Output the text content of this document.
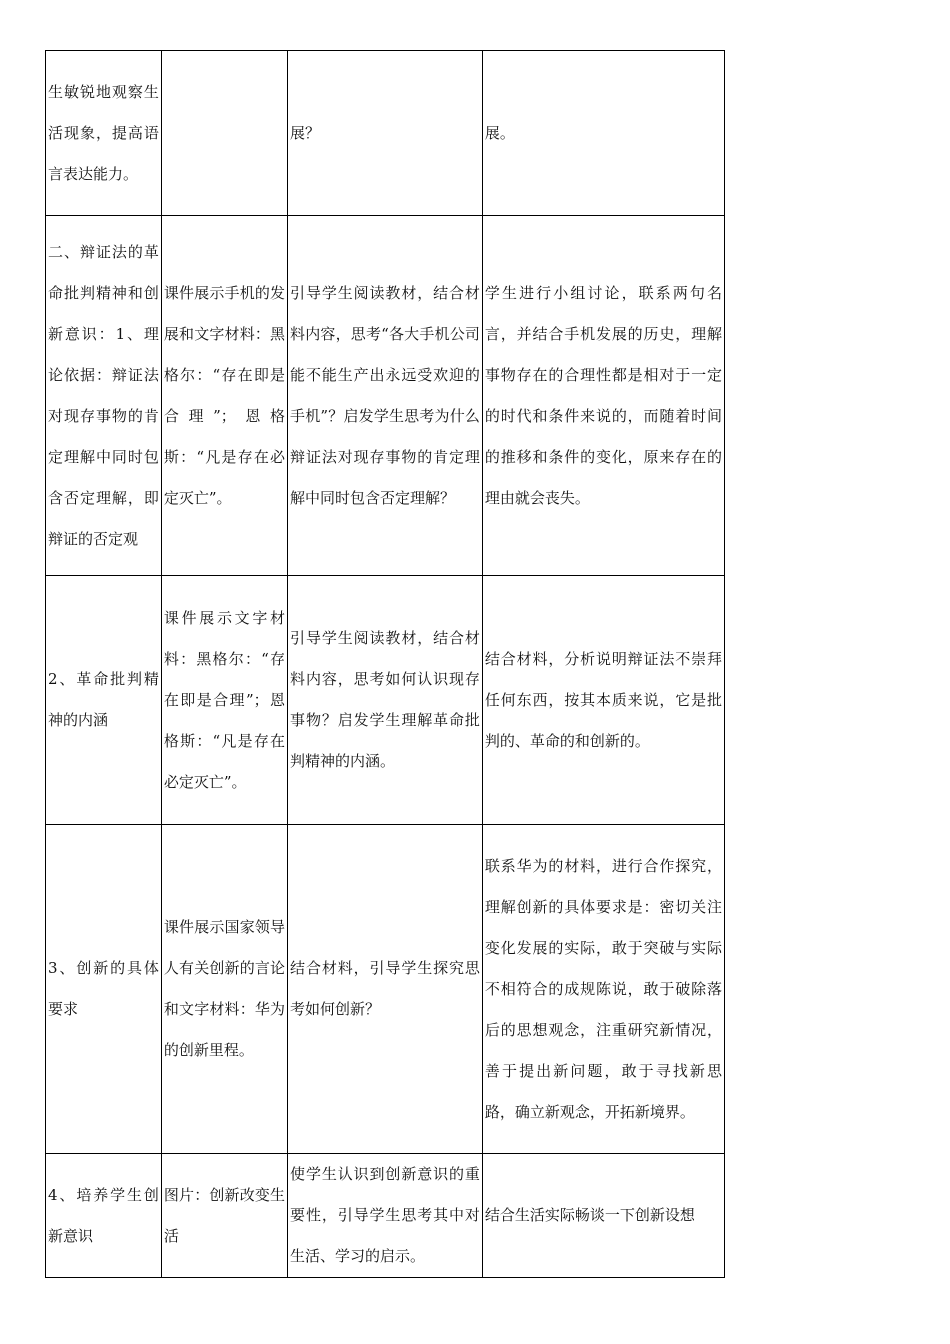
生敏锐地观察生活现象，提高语言表达能力。		展？	展。
二、辩证法的革命批判精神和创新意识：1、理论依据：辩证法对现存事物的肯定理解中同时包含否定理解，即辩证的否定观	课件展示手机的发展和文字材料：黑格尔：“存在即是合理”；恩格斯：“凡是存在必定灭亡”。	引导学生阅读教材，结合材料内容，思考“各大手机公司能不能生产出永远受欢迎的手机”？启发学生思考为什么辩证法对现存事物的肯定理解中同时包含否定理解？	学生进行小组讨论，联系两句名言，并结合手机发展的历史，理解事物存在的合理性都是相对于一定的时代和条件来说的，而随着时间的推移和条件的变化，原来存在的理由就会丧失。
2、革命批判精神的内涵	课件展示文字材料：黑格尔：“存在即是合理”；恩格斯：“凡是存在必定灭亡”。	引导学生阅读教材，结合材料内容，思考如何认识现存事物？启发学生理解革命批判精神的内涵。	结合材料，分析说明辩证法不崇拜任何东西，按其本质来说，它是批判的、革命的和创新的。
3、创新的具体要求	课件展示国家领导人有关创新的言论和文字材料：华为的创新里程。	结合材料，引导学生探究思考如何创新？	联系华为的材料，进行合作探究，理解创新的具体要求是：密切关注变化发展的实际，敢于突破与实际不相符合的成规陈说，敢于破除落后的思想观念，注重研究新情况，善于提出新问题，敢于寻找新思路，确立新观念，开拓新境界。
4、培养学生创新意识	图片：创新改变生活	使学生认识到创新意识的重要性，引导学生思考其中对生活、学习的启示。	结合生活实际畅谈一下创新设想
